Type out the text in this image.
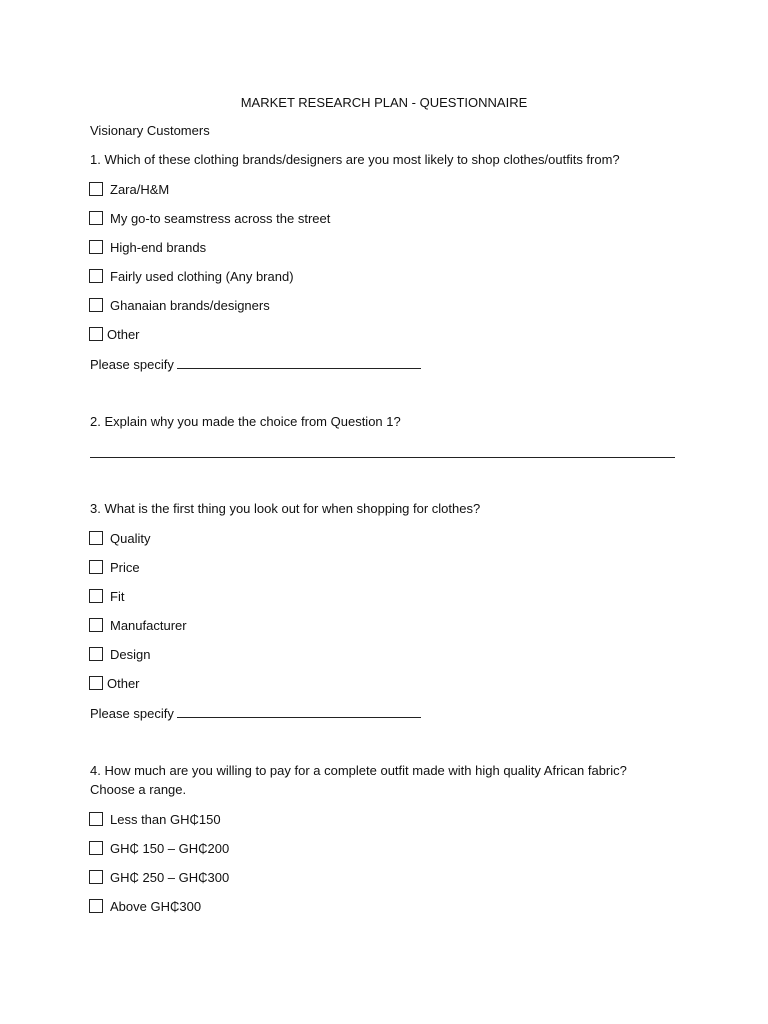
MARKET RESEARCH PLAN - QUESTIONNAIRE
Visionary Customers
1. Which of these clothing brands/designers are you most likely to shop clothes/outfits from?
Zara/H&M
My go-to seamstress across the street
High-end brands
Fairly used clothing (Any brand)
Ghanaian brands/designers
Other
Please specify
2. Explain why you made the choice from Question 1?
3. What is the first thing you look out for when shopping for clothes?
Quality
Price
Fit
Manufacturer
Design
Other
Please specify
4. How much are you willing to pay for a complete outfit made with high quality African fabric?
Choose a range.
Less than GH₵150
GH₵ 150 – GH₵200
GH₵ 250 – GH₵300
Above GH₵300
